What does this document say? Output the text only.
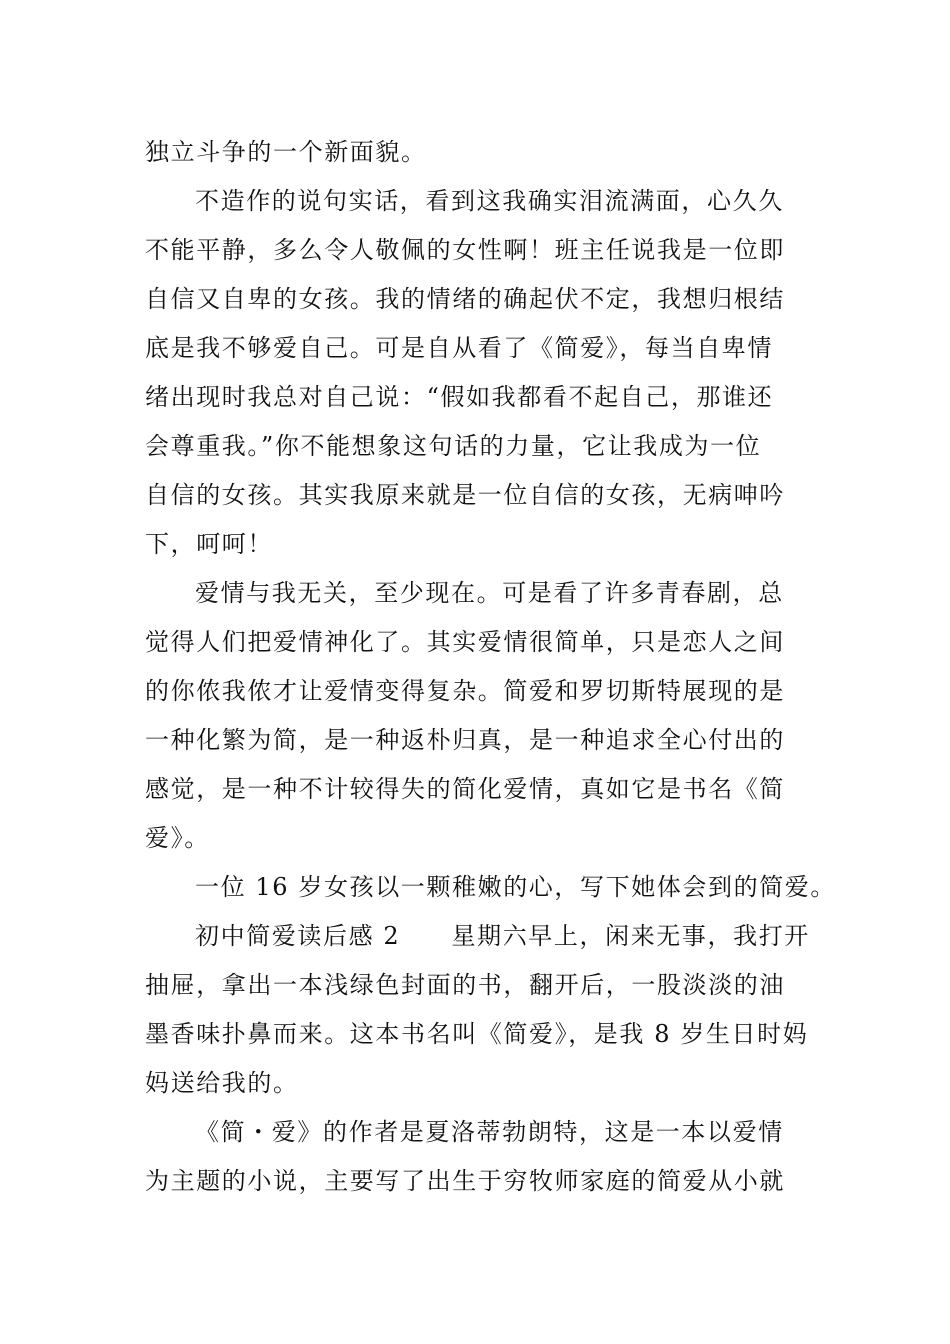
独立斗争的一个新面貌。

不造作的说句实话，看到这我确实泪流满面，心久久

不能平静，多么令人敬佩的女性啊！班主任说我是一位即

自信又自卑的女孩。我的情绪的确起伏不定，我想归根结

底是我不够爱自己。可是自从看了《简爱》，每当自卑情

绪出现时我总对自己说：“假如我都看不起自己，那谁还

会尊重我。”你不能想象这句话的力量，它让我成为一位

自信的女孩。其实我原来就是一位自信的女孩，无病呻吟

下，呵呵！

爱情与我无关，至少现在。可是看了许多青春剧，总

觉得人们把爱情神化了。其实爱情很简单，只是恋人之间

的你侬我侬才让爱情变得复杂。简爱和罗切斯特展现的是

一种化繁为简，是一种返朴归真，是一种追求全心付出的

感觉，是一种不计较得失的简化爱情，真如它是书名《简

爱》。

一位 16 岁女孩以一颗稚嫩的心，写下她体会到的简爱。

初中简爱读后感 2　　星期六早上，闲来无事，我打开

抽屉，拿出一本浅绿色封面的书，翻开后，一股淡淡的油

墨香味扑鼻而来。这本书名叫《简爱》，是我 8 岁生日时妈

妈送给我的。

《简・爱》的作者是夏洛蒂勃朗特，这是一本以爱情

为主题的小说，主要写了出生于穷牧师家庭的简爱从小就
